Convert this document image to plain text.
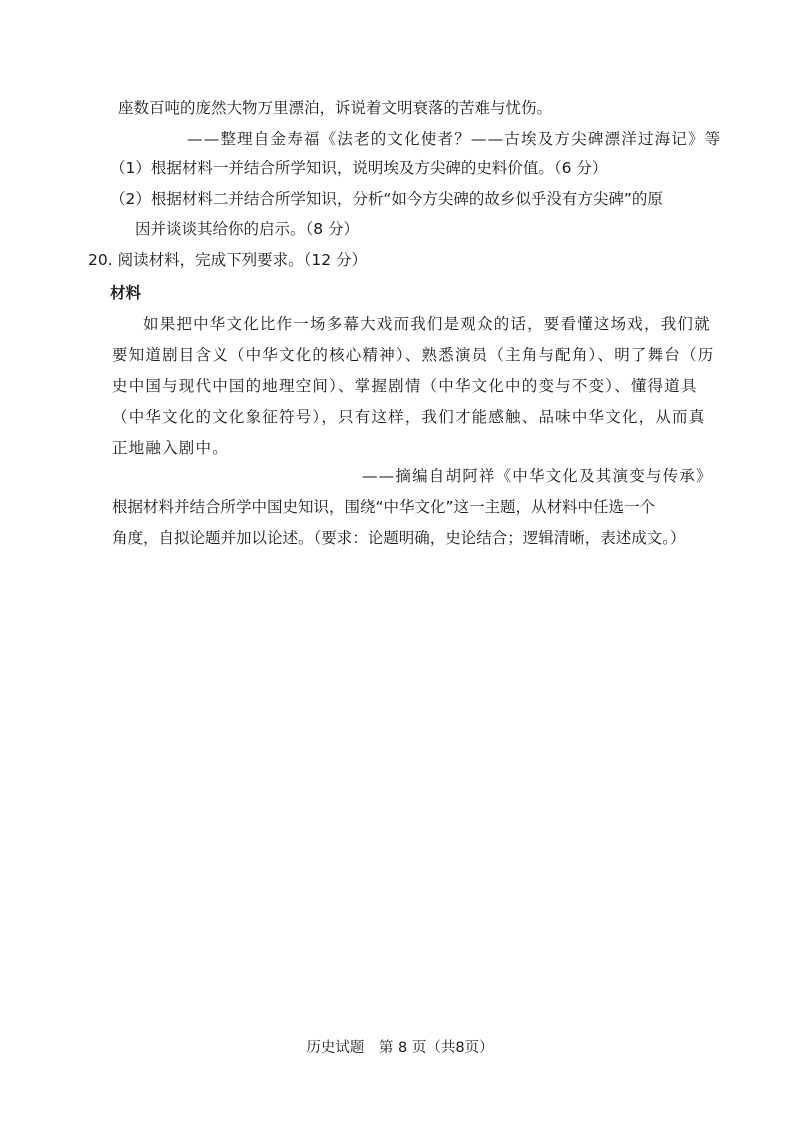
座数百吨的庞然大物万里漂泊，诉说着文明衰落的苦难与忧伤。
——整理自金寿福《法老的文化使者？——古埃及方尖碑漂洋过海记》等
（1）根据材料一并结合所学知识，说明埃及方尖碑的史料价值。（6 分）
（2）根据材料二并结合所学知识，分析“如今方尖碑的故乡似乎没有方尖碑”的原
因并谈谈其给你的启示。（8 分）
20. 阅读材料，完成下列要求。（12 分）
材料
如果把中华文化比作一场多幕大戏而我们是观众的话，要看懂这场戏，我们就
要知道剧目含义（中华文化的核心精神）、熟悉演员（主角与配角）、明了舞台（历
史中国与现代中国的地理空间）、掌握剧情（中华文化中的变与不变）、懂得道具
（中华文化的文化象征符号），只有这样，我们才能感触、品味中华文化，从而真
正地融入剧中。
——摘编自胡阿祥《中华文化及其演变与传承》
根据材料并结合所学中国史知识，围绕“中华文化”这一主题，从材料中任选一个
角度，自拟论题并加以论述。（要求：论题明确，史论结合；逻辑清晰，表述成文。）
历史试题　第 8 页（共8页）
